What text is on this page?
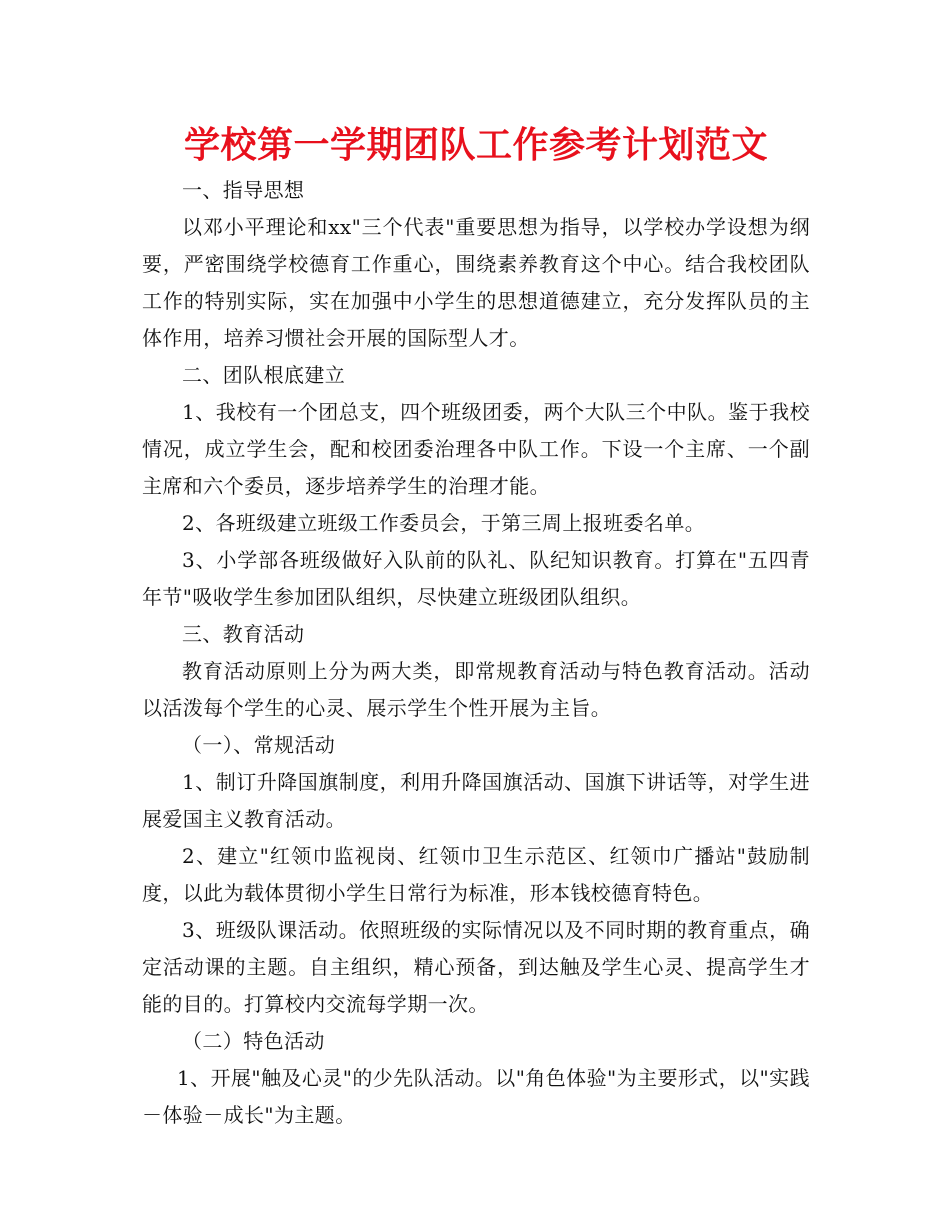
学校第一学期团队工作参考计划范文

一、指导思想

以邓小平理论和xx"三个代表"重要思想为指导，以学校办学设想为纲要，严密围绕学校德育工作重心，围绕素养教育这个中心。结合我校团队工作的特别实际，实在加强中小学生的思想道德建立，充分发挥队员的主体作用，培养习惯社会开展的国际型人才。

二、团队根底建立

1、我校有一个团总支，四个班级团委，两个大队三个中队。鉴于我校情况，成立学生会，配和校团委治理各中队工作。下设一个主席、一个副主席和六个委员，逐步培养学生的治理才能。

2、各班级建立班级工作委员会，于第三周上报班委名单。

3、小学部各班级做好入队前的队礼、队纪知识教育。打算在"五四青年节"吸收学生参加团队组织，尽快建立班级团队组织。

三、教育活动

教育活动原则上分为两大类，即常规教育活动与特色教育活动。活动以活泼每个学生的心灵、展示学生个性开展为主旨。

（一）、常规活动

1、制订升降国旗制度，利用升降国旗活动、国旗下讲话等，对学生进展爱国主义教育活动。

2、建立"红领巾监视岗、红领巾卫生示范区、红领巾广播站"鼓励制度，以此为载体贯彻小学生日常行为标准，形本钱校德育特色。

3、班级队课活动。依照班级的实际情况以及不同时期的教育重点，确定活动课的主题。自主组织，精心预备，到达触及学生心灵、提高学生才能的目的。打算校内交流每学期一次。

（二）特色活动

1、开展"触及心灵"的少先队活动。以"角色体验"为主要形式，以"实践－体验－成长"为主题。
